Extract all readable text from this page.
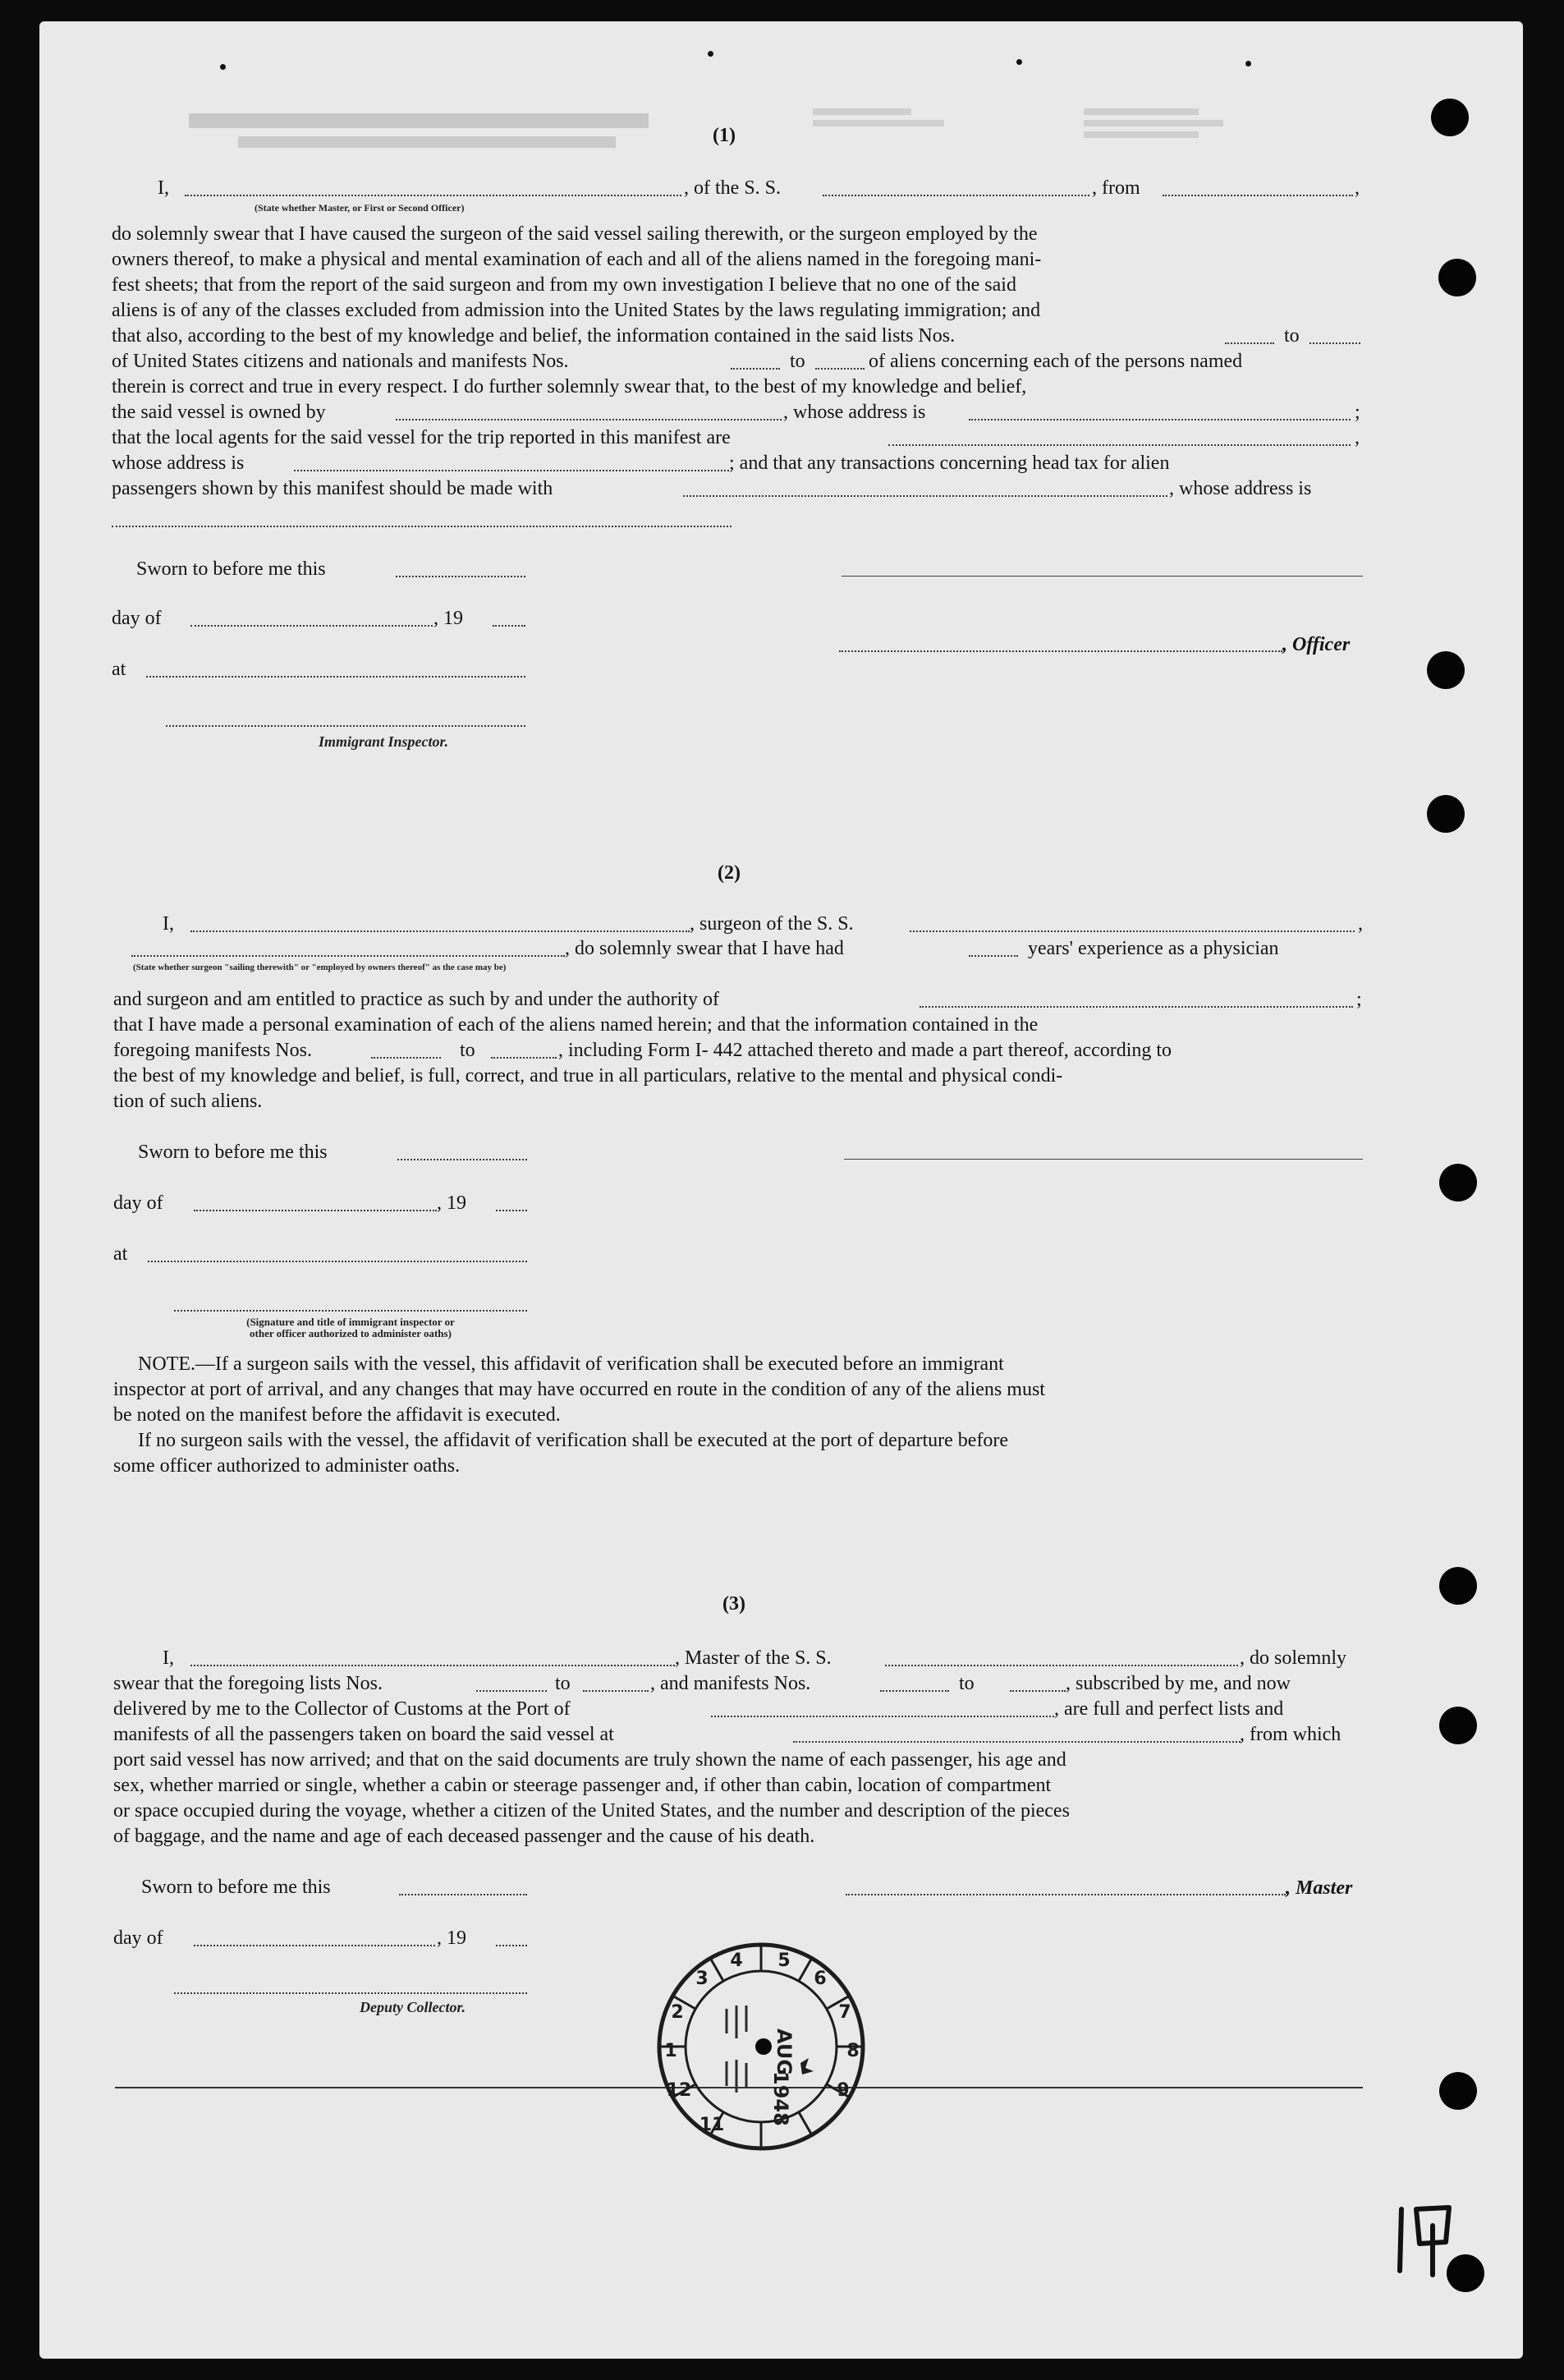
(1)
I,
(State whether Master, or First or Second Officer)
, of the S. S.	, from	,
do solemnly swear that I have caused the surgeon of the said vessel sailing therewith, or the surgeon employed by the
owners thereof, to make a physical and mental examination of each and all of the aliens named in the foregoing mani-
fest sheets; that from the report of the said surgeon and from my own investigation I believe that no one of the said
aliens is of any of the classes excluded from admission into the United States by the laws regulating immigration; and
that also, according to the best of my knowledge and belief, the information contained in the said lists Nos.	to
of United States citizens and nationals and manifests Nos.	to	of aliens concerning each of the persons named
therein is correct and true in every respect. I do further solemnly swear that, to the best of my knowledge and belief,
the said vessel is owned by	, whose address is	;
that the local agents for the said vessel for the trip reported in this manifest are	,
whose address is	; and that any transactions concerning head tax for alien
passengers shown by this manifest should be made with	, whose address is
Sworn to before me this
day of	, 19
, Officer
at
Immigrant Inspector.
(2)
I,	, surgeon of the S. S.	,
, do solemnly swear that I have had	years' experience as a physician
(State whether surgeon "sailing therewith" or "employed by owners thereof" as the case may be)
and surgeon and am entitled to practice as such by and under the authority of	;
that I have made a personal examination of each of the aliens named herein; and that the information contained in the
foregoing manifests Nos.	to	, including Form I- 442 attached thereto and made a part thereof, according to
the best of my knowledge and belief, is full, correct, and true in all particulars, relative to the mental and physical condi-
tion of such aliens.
Sworn to before me this
day of	, 19
at
(Signature and title of immigrant inspector or
other officer authorized to administer oaths)
NOTE.—If a surgeon sails with the vessel, this affidavit of verification shall be executed before an immigrant
inspector at port of arrival, and any changes that may have occurred en route in the condition of any of the aliens must
be noted on the manifest before the affidavit is executed.
If no surgeon sails with the vessel, the affidavit of verification shall be executed at the port of departure before
some officer authorized to administer oaths.
(3)
I,	, Master of the S. S.	, do solemnly
swear that the foregoing lists Nos.	to	, and manifests Nos.	to	, subscribed by me, and now
delivered by me to the Collector of Customs at the Port of	, are full and perfect lists and
manifests of all the passengers taken on board the said vessel at	, from which
port said vessel has now arrived; and that on the said documents are truly shown the name of each passenger, his age and
sex, whether married or single, whether a cabin or steerage passenger and, if other than cabin, location of compartment
or space occupied during the voyage, whether a citizen of the United States, and the number and description of the pieces
of baggage, and the name and age of each deceased passenger and the cause of his death.
Sworn to before me this	, Master
day of	, 19
Deputy Collector.
5
6
7
8
9
4
3
2
1
12
11
AUG
1948
